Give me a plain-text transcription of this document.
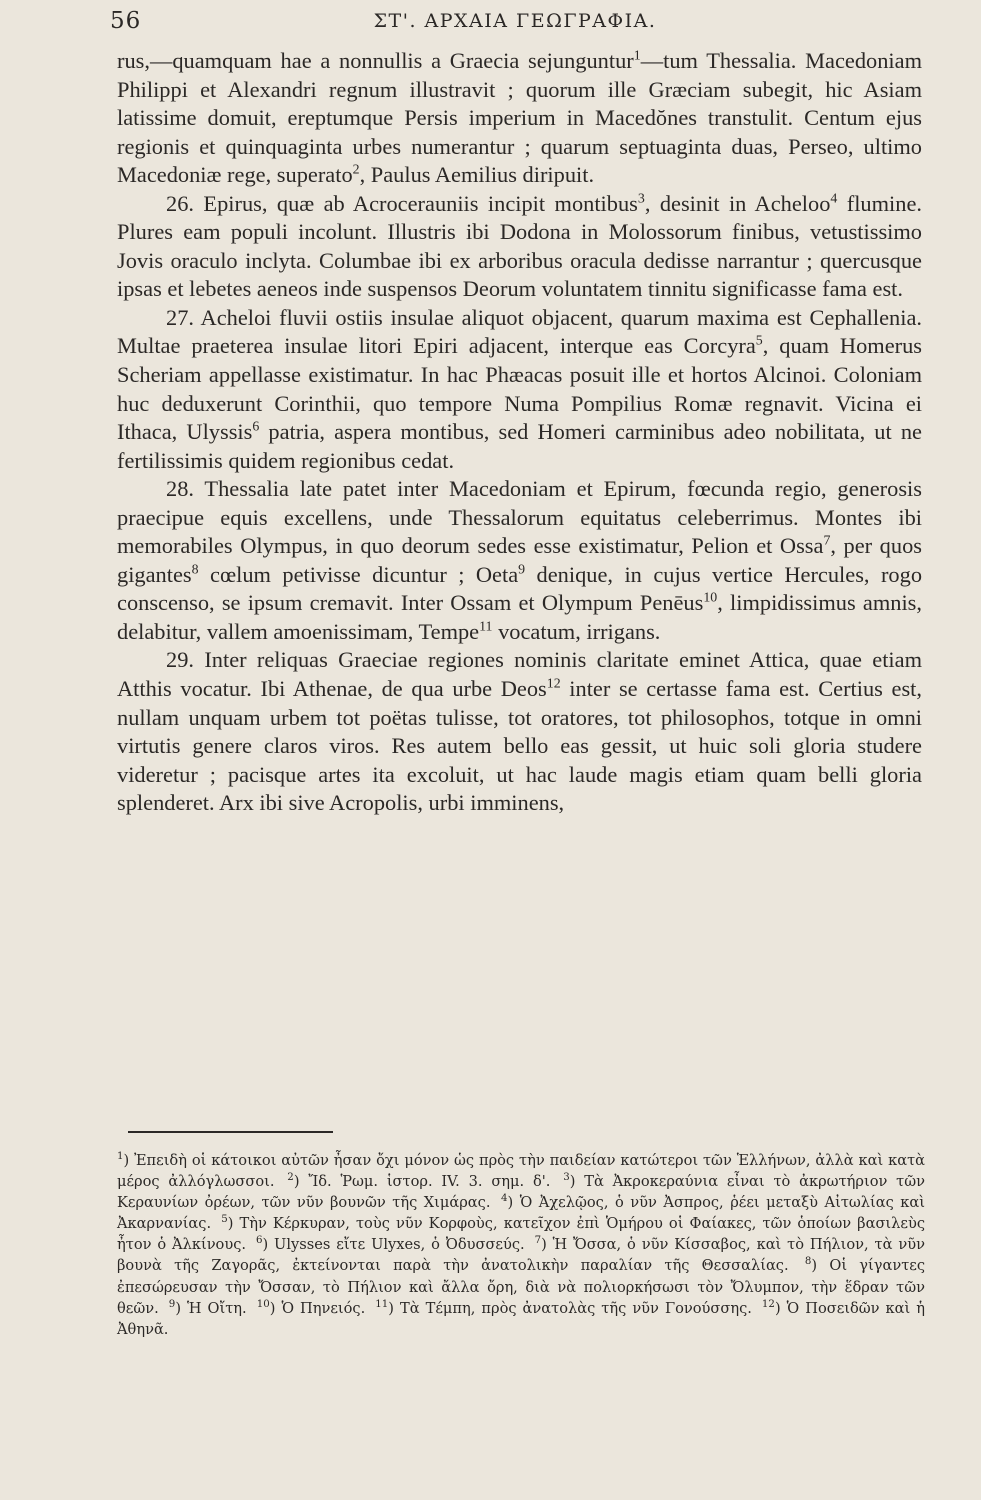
56	ΣΤ'. ΑΡΧΑΙΑ ΓΕΩΓΡΑΦΙΑ.

rus,—quamquam hae a nonnullis a Graecia sejunguntur$^1$—tum Thessalia. Macedoniam Philippi et Alexandri regnum illustravit ; quorum ille Græciam subegit, hic Asiam latissime domuit, ereptumque Persis imperium in Macedŏnes transtulit. Centum ejus regionis et quinquaginta urbes numerantur ; quarum septuaginta duas, Perseo, ultimo Macedoniæ rege, superato$^2$, Paulus Aemilius diripuit.

26. Epirus, quæ ab Acrocerauniis incipit montibus$^3$, desinit in Acheloo$^4$ flumine. Plures eam populi incolunt. Illustris ibi Dodona in Molossorum finibus, vetustissimo Jovis oraculo inclyta. Columbae ibi ex arboribus oracula dedisse narrantur ; quercusque ipsas et lebetes aeneos inde suspensos Deorum voluntatem tinnitu significasse fama est.

27. Acheloi fluvii ostiis insulae aliquot objacent, quarum maxima est Cephallenia. Multae praeterea insulae litori Epiri adjacent, interque eas Corcyra$^5$, quam Homerus Scheriam appellasse existimatur. In hac Phæacas posuit ille et hortos Alcinoi. Coloniam huc deduxerunt Corinthii, quo tempore Numa Pompilius Romæ regnavit. Vicina ei Ithaca, Ulyssis$^6$ patria, aspera montibus, sed Homeri carminibus adeo nobilitata, ut ne fertilissimis quidem regionibus cedat.

28. Thessalia late patet inter Macedoniam et Epirum, fœcunda regio, generosis praecipue equis excellens, unde Thessalorum equitatus celeberrimus. Montes ibi memorabiles Olympus, in quo deorum sedes esse existimatur, Pelion et Ossa$^7$, per quos gigantes$^8$ cœlum petivisse dicuntur ; Oeta$^9$ denique, in cujus vertice Hercules, rogo conscenso, se ipsum cremavit. Inter Ossam et Olympum Penēus$^{10}$, limpidissimus amnis, delabitur, vallem amoenissimam, Tempe$^{11}$ vocatum, irrigans.

29. Inter reliquas Graeciae regiones nominis claritate eminet Attica, quae etiam Atthis vocatur. Ibi Athenae, de qua urbe Deos$^{12}$ inter se certasse fama est. Certius est, nullam unquam urbem tot poëtas tulisse, tot oratores, tot philosophos, totque in omni virtutis genere claros viros. Res autem bello eas gessit, ut huic soli gloria studere videretur ; pacisque artes ita excoluit, ut hac laude magis etiam quam belli gloria splenderet. Arx ibi sive Acropolis, urbi imminens,

$^1$) Ἐπειδὴ οἱ κάτοικοι αὐτῶν ἦσαν ὄχι μόνον ὡς πρὸς τὴν παιδείαν κατώτεροι τῶν Ἑλλήνων, ἀλλὰ καὶ κατὰ μέρος ἀλλόγλωσσοι. $^2$) Ἴδ. Ῥωμ. ἱστορ. IV. 3. σημ. δ'. $^3$) Τὰ Ἀκροκεραύνια εἶναι τὸ ἀκρωτήριον τῶν Κεραυνίων ὀρέων, τῶν νῦν βουνῶν τῆς Χιμάρας. $^4$) Ὁ Ἀχελῷος, ὁ νῦν Ἀσπρος, ῥέει μεταξὺ Αἰτωλίας καὶ Ἀκαρνανίας. $^5$) Τὴν Κέρκυραν, τοὺς νῦν Κορφοὺς, κατεῖχον ἐπὶ Ὁμήρου οἱ Φαίακες, τῶν ὁποίων βασιλεὺς ἦτον ὁ Ἀλκίνους. $^6$) Ulysses εἴτε Ulyxes, ὁ Ὀδυσσεύς. $^7$) Ἡ Ὄσσα, ὁ νῦν Κίσσαβος, καὶ τὸ Πήλιον, τὰ νῦν βουνὰ τῆς Ζαγορᾶς, ἐκτείνονται παρὰ τὴν ἀνατολικὴν παραλίαν τῆς Θεσσαλίας. $^8$) Οἱ γίγαντες ἐπεσώρευσαν τὴν Ὄσσαν, τὸ Πήλιον καὶ ἄλλα ὄρη, διὰ νὰ πολιορκήσωσι τὸν Ὄλυμπον, τὴν ἕδραν τῶν θεῶν. $^9$) Ἡ Οἴτη. $^{10}$) Ὁ Πηνειός. $^{11}$) Τὰ Τέμπη, πρὸς ἀνατολὰς τῆς νῦν Γονούσσης. $^{12}$) Ὁ Ποσειδῶν καὶ ἡ Ἀθηνᾶ.
